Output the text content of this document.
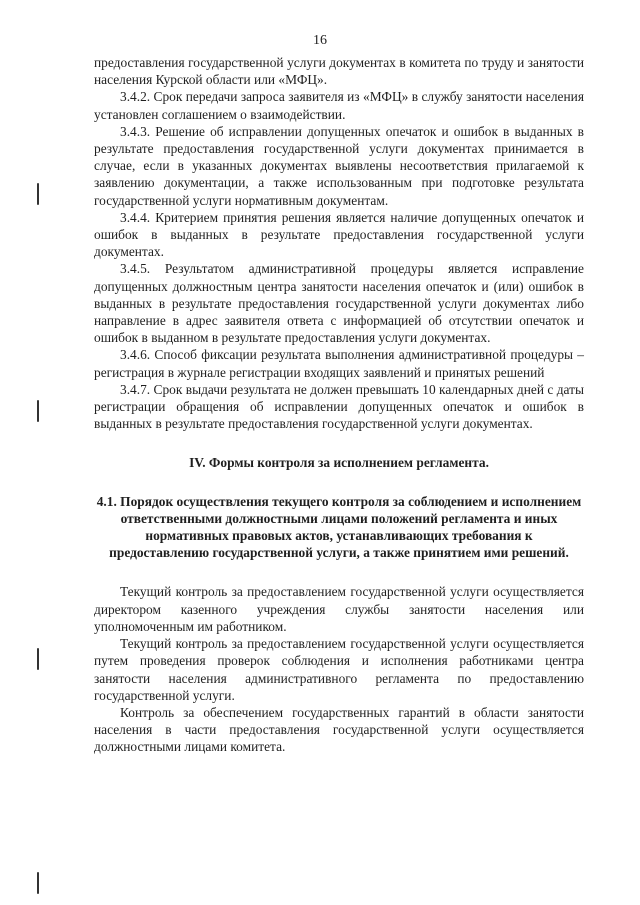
16

предоставления государственной услуги документах в комитета по труду и занятости населения Курской области или «МФЦ».

3.4.2. Срок передачи запроса заявителя из «МФЦ» в службу занятости населения установлен соглашением о взаимодействии.

3.4.3. Решение об исправлении допущенных опечаток и ошибок в выданных в результате предоставления государственной услуги документах принимается в случае, если в указанных документах выявлены несоответствия прилагаемой к заявлению документации, а также использованным при подготовке результата государственной услуги нормативным документам.

3.4.4. Критерием принятия решения является наличие допущенных опечаток и ошибок в выданных в результате предоставления государственной услуги документах.

3.4.5. Результатом административной процедуры является исправление допущенных должностным центра занятости населения опечаток и (или) ошибок в выданных в результате предоставления государственной услуги документах либо направление в адрес заявителя ответа с информацией об отсутствии опечаток и ошибок в выданном в результате предоставления услуги документах.

3.4.6. Способ фиксации результата выполнения административной процедуры – регистрация в журнале регистрации входящих заявлений и принятых решений

3.4.7. Срок выдачи результата не должен превышать 10 календарных дней с даты регистрации обращения об исправлении допущенных опечаток и ошибок в выданных в результате предоставления государственной услуги документах.

IV. Формы контроля за исполнением регламента.
4.1. Порядок осуществления текущего контроля за соблюдением и исполнением ответственными должностными лицами положений регламента и иных нормативных правовых актов, устанавливающих требования к предоставлению государственной услуги, а также принятием ими решений.

Текущий контроль за предоставлением государственной услуги осуществляется директором казенного учреждения службы занятости населения или уполномоченным им работником.

Текущий контроль за предоставлением государственной услуги осуществляется путем проведения проверок соблюдения и исполнения работниками центра занятости населения административного регламента по предоставлению государственной услуги.

Контроль за обеспечением государственных гарантий в области занятости населения в части предоставления государственной услуги осуществляется должностными лицами комитета.
